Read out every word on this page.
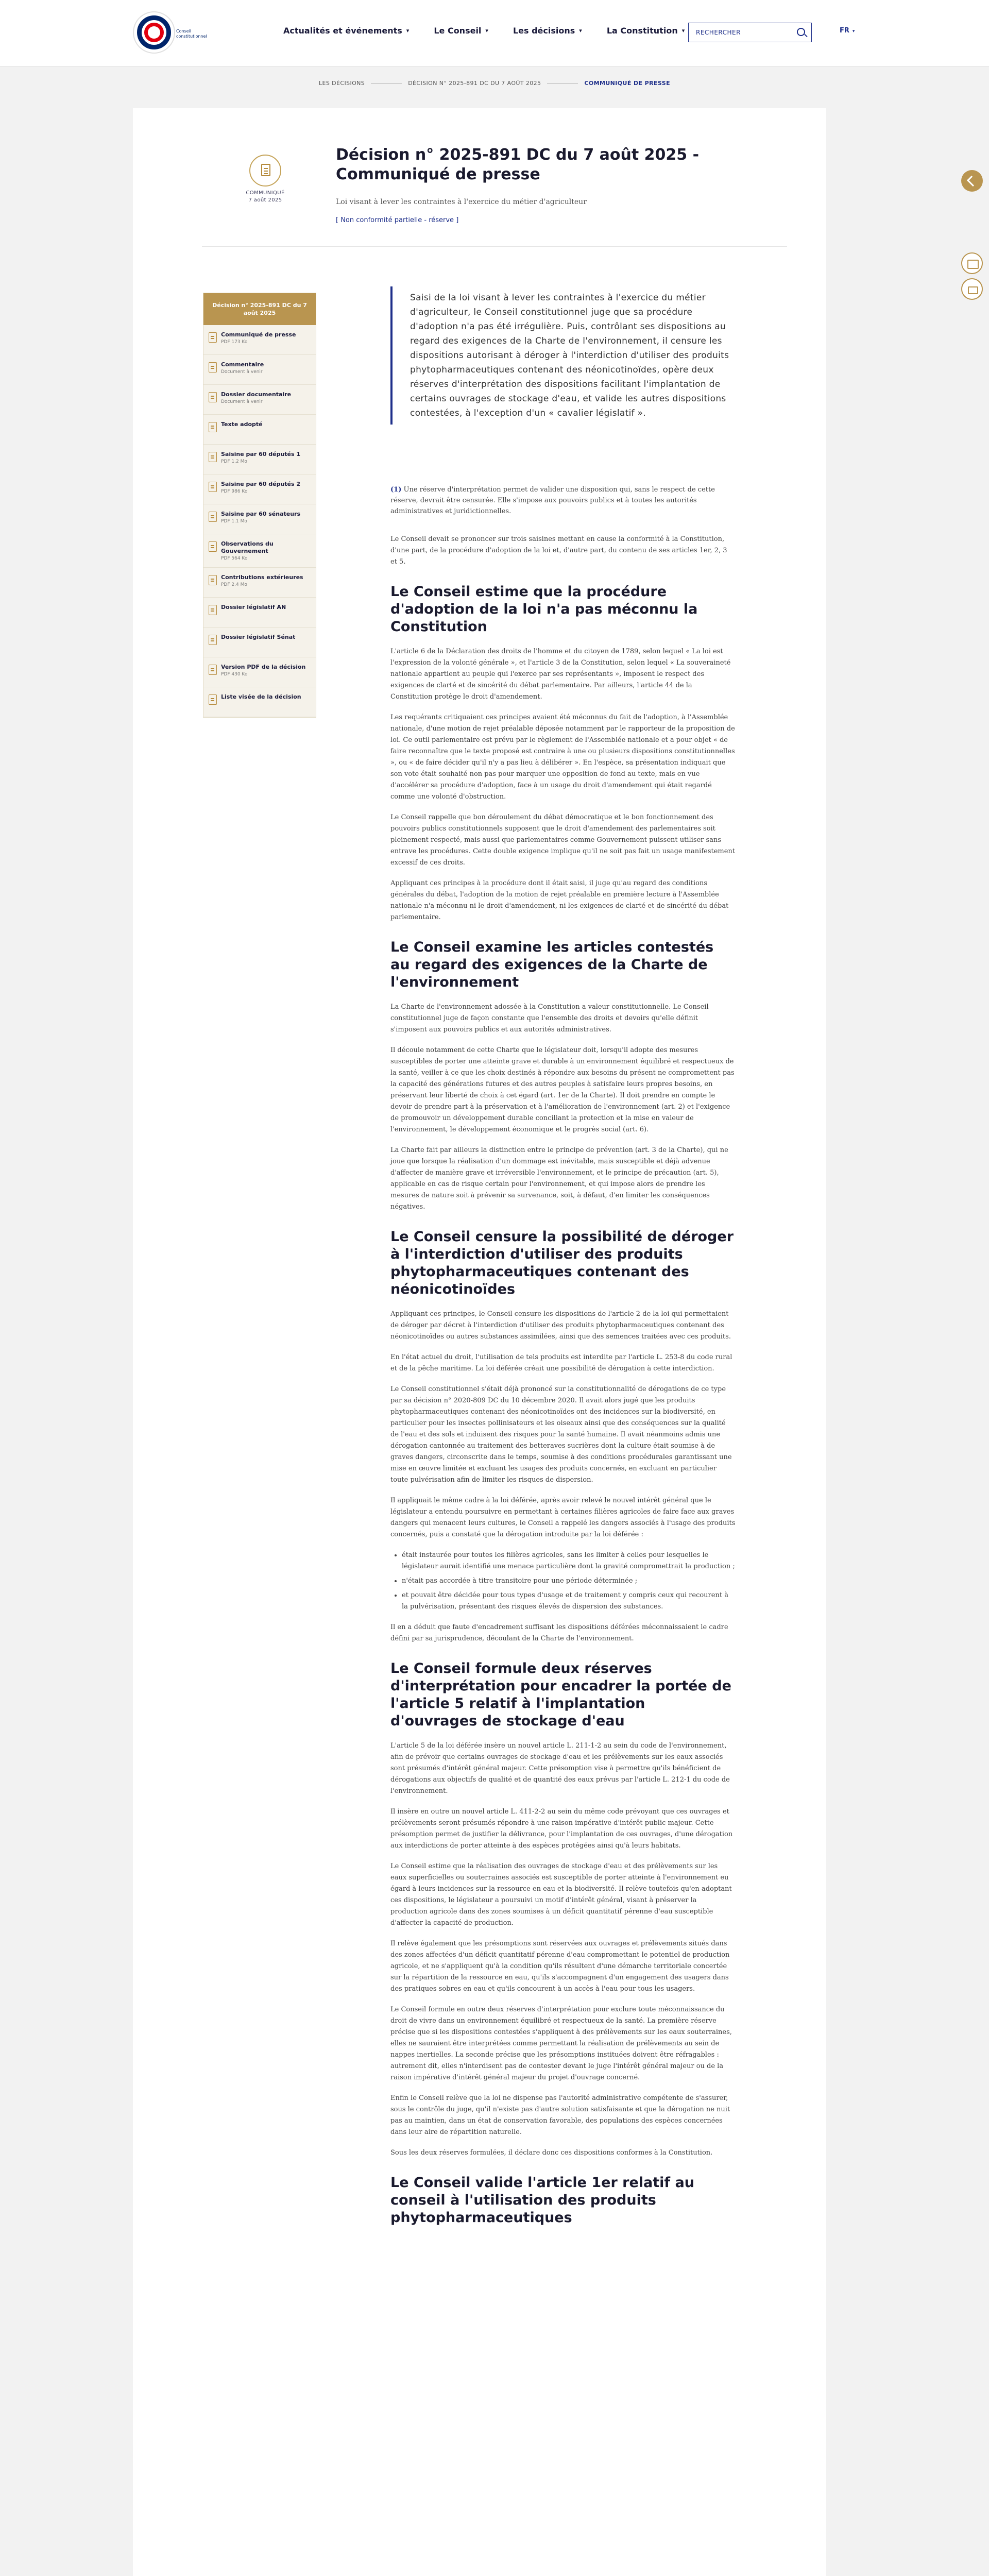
Conseil
constitutionnel
Actualités et événements ▾	Le Conseil ▾	Les décisions ▾	La Constitution ▾ RECHERCHER	FR ▾
LES DÉCISIONS	DÉCISION N° 2025-891 DC DU 7 AOÛT 2025	COMMUNIQUÉ DE PRESSE
COMMUNIQUÉ
7 août 2025
Décision n° 2025-891 DC du 7 août 2025 - Communiqué de presse
Loi visant à lever les contraintes à l'exercice du métier d'agriculteur
[ Non conformité partielle - réserve ]
Décision n° 2025-891 DC du 7 août 2025
Communiqué de presse
PDF 173 Ko
Commentaire
Document à venir
Dossier documentaire
Document à venir
Texte adopté
Saisine par 60 députés 1
PDF 1.2 Mo
Saisine par 60 députés 2
PDF 986 Ko
Saisine par 60 sénateurs
PDF 1.1 Mo
Observations du Gouvernement
PDF 564 Ko
Contributions extérieures
PDF 2.4 Mo
Dossier législatif AN
Dossier législatif Sénat
Version PDF de la décision
PDF 430 Ko
Liste visée de la décision
Saisi de la loi visant à lever les contraintes à l'exercice du métier d'agriculteur, le Conseil constitutionnel juge que sa procédure d'adoption n'a pas été irrégulière. Puis, contrôlant ses dispositions au regard des exigences de la Charte de l'environnement, il censure les dispositions autorisant à déroger à l'interdiction d'utiliser des produits phytopharmaceutiques contenant des néonicotinoïdes, opère deux réserves d'interprétation des dispositions facilitant l'implantation de certains ouvrages de stockage d'eau, et valide les autres dispositions contestées, à l'exception d'un « cavalier législatif ».
(1) Une réserve d'interprétation permet de valider une disposition qui, sans le respect de cette réserve, devrait être censurée. Elle s'impose aux pouvoirs publics et à toutes les autorités administratives et juridictionnelles.

Le Conseil devait se prononcer sur trois saisines mettant en cause la conformité à la Constitution, d'une part, de la procédure d'adoption de la loi et, d'autre part, du contenu de ses articles 1er, 2, 3 et 5.

Le Conseil estime que la procédure d'adoption de la loi n'a pas méconnu la Constitution

L'article 6 de la Déclaration des droits de l'homme et du citoyen de 1789, selon lequel « La loi est l'expression de la volonté générale », et l'article 3 de la Constitution, selon lequel « La souveraineté nationale appartient au peuple qui l'exerce par ses représentants », imposent le respect des exigences de clarté et de sincérité du débat parlementaire. Par ailleurs, l'article 44 de la Constitution protège le droit d'amendement.

Les requérants critiquaient ces principes avaient été méconnus du fait de l'adoption, à l'Assemblée nationale, d'une motion de rejet préalable déposée notamment par le rapporteur de la proposition de loi. Ce outil parlementaire est prévu par le règlement de l'Assemblée nationale et a pour objet « de faire reconnaître que le texte proposé est contraire à une ou plusieurs dispositions constitutionnelles », ou « de faire décider qu'il n'y a pas lieu à délibérer ». En l'espèce, sa présentation indiquait que son vote était souhaité non pas pour marquer une opposition de fond au texte, mais en vue d'accélérer sa procédure d'adoption, face à un usage du droit d'amendement qui était regardé comme une volonté d'obstruction.

Le Conseil rappelle que bon déroulement du débat démocratique et le bon fonctionnement des pouvoirs publics constitutionnels supposent que le droit d'amendement des parlementaires soit pleinement respecté, mais aussi que parlementaires comme Gouvernement puissent utiliser sans entrave les procédures. Cette double exigence implique qu'il ne soit pas fait un usage manifestement excessif de ces droits.

Appliquant ces principes à la procédure dont il était saisi, il juge qu'au regard des conditions générales du débat, l'adoption de la motion de rejet préalable en première lecture à l'Assemblée nationale n'a méconnu ni le droit d'amendement, ni les exigences de clarté et de sincérité du débat parlementaire.

Le Conseil examine les articles contestés au regard des exigences de la Charte de l'environnement

La Charte de l'environnement adossée à la Constitution a valeur constitutionnelle. Le Conseil constitutionnel juge de façon constante que l'ensemble des droits et devoirs qu'elle définit s'imposent aux pouvoirs publics et aux autorités administratives.

Il découle notamment de cette Charte que le législateur doit, lorsqu'il adopte des mesures susceptibles de porter une atteinte grave et durable à un environnement équilibré et respectueux de la santé, veiller à ce que les choix destinés à répondre aux besoins du présent ne compromettent pas la capacité des générations futures et des autres peuples à satisfaire leurs propres besoins, en préservant leur liberté de choix à cet égard (art. 1er de la Charte). Il doit prendre en compte le devoir de prendre part à la préservation et à l'amélioration de l'environnement (art. 2) et l'exigence de promouvoir un développement durable conciliant la protection et la mise en valeur de l'environnement, le développement économique et le progrès social (art. 6).

La Charte fait par ailleurs la distinction entre le principe de prévention (art. 3 de la Charte), qui ne joue que lorsque la réalisation d'un dommage est inévitable, mais susceptible et déjà advenue d'affecter de manière grave et irréversible l'environnement, et le principe de précaution (art. 5), applicable en cas de risque certain pour l'environnement, et qui impose alors de prendre les mesures de nature soit à prévenir sa survenance, soit, à défaut, d'en limiter les conséquences négatives.

Le Conseil censure la possibilité de déroger à l'interdiction d'utiliser des produits phytopharmaceutiques contenant des néonicotinoïdes

Appliquant ces principes, le Conseil censure les dispositions de l'article 2 de la loi qui permettaient de déroger par décret à l'interdiction d'utiliser des produits phytopharmaceutiques contenant des néonicotinoïdes ou autres substances assimilées, ainsi que des semences traitées avec ces produits.

En l'état actuel du droit, l'utilisation de tels produits est interdite par l'article L. 253-8 du code rural et de la pêche maritime. La loi déférée créait une possibilité de dérogation à cette interdiction.

Le Conseil constitutionnel s'était déjà prononcé sur la constitutionnalité de dérogations de ce type par sa décision n° 2020-809 DC du 10 décembre 2020. Il avait alors jugé que les produits phytopharmaceutiques contenant des néonicotinoïdes ont des incidences sur la biodiversité, en particulier pour les insectes pollinisateurs et les oiseaux ainsi que des conséquences sur la qualité de l'eau et des sols et induisent des risques pour la santé humaine. Il avait néanmoins admis une dérogation cantonnée au traitement des betteraves sucrières dont la culture était soumise à de graves dangers, circonscrite dans le temps, soumise à des conditions procédurales garantissant une mise en œuvre limitée et excluant les usages des produits concernés, en excluant en particulier toute pulvérisation afin de limiter les risques de dispersion.

Il appliquait le même cadre à la loi déférée, après avoir relevé le nouvel intérêt général que le législateur a entendu poursuivre en permettant à certaines filières agricoles de faire face aux graves dangers qui menacent leurs cultures, le Conseil a rappelé les dangers associés à l'usage des produits concernés, puis a constaté que la dérogation introduite par la loi déférée :

• était instaurée pour toutes les filières agricoles, sans les limiter à celles pour lesquelles le législateur aurait identifié une menace particulière dont la gravité compromettrait la production ;
• n'était pas accordée à titre transitoire pour une période déterminée ;
• et pouvait être décidée pour tous types d'usage et de traitement y compris ceux qui recourent à la pulvérisation, présentant des risques élevés de dispersion des substances.

Il en a déduit que faute d'encadrement suffisant les dispositions déférées méconnaissaient le cadre défini par sa jurisprudence, découlant de la Charte de l'environnement.

Le Conseil formule deux réserves d'interprétation pour encadrer la portée de l'article 5 relatif à l'implantation d'ouvrages de stockage d'eau

L'article 5 de la loi déférée insère un nouvel article L. 211-1-2 au sein du code de l'environnement, afin de prévoir que certains ouvrages de stockage d'eau et les prélèvements sur les eaux associés sont présumés d'intérêt général majeur. Cette présomption vise à permettre qu'ils bénéficient de dérogations aux objectifs de qualité et de quantité des eaux prévus par l'article L. 212-1 du code de l'environnement.

Il insère en outre un nouvel article L. 411-2-2 au sein du même code prévoyant que ces ouvrages et prélèvements seront présumés répondre à une raison impérative d'intérêt public majeur. Cette présomption permet de justifier la délivrance, pour l'implantation de ces ouvrages, d'une dérogation aux interdictions de porter atteinte à des espèces protégées ainsi qu'à leurs habitats.

Le Conseil estime que la réalisation des ouvrages de stockage d'eau et des prélèvements sur les eaux superficielles ou souterraines associés est susceptible de porter atteinte à l'environnement eu égard à leurs incidences sur la ressource en eau et la biodiversité. Il relève toutefois qu'en adoptant ces dispositions, le législateur a poursuivi un motif d'intérêt général, visant à préserver la production agricole dans des zones soumises à un déficit quantitatif pérenne d'eau susceptible d'affecter la capacité de production.

Il relève également que les présomptions sont réservées aux ouvrages et prélèvements situés dans des zones affectées d'un déficit quantitatif pérenne d'eau compromettant le potentiel de production agricole, et ne s'appliquent qu'à la condition qu'ils résultent d'une démarche territoriale concertée sur la répartition de la ressource en eau, qu'ils s'accompagnent d'un engagement des usagers dans des pratiques sobres en eau et qu'ils concourent à un accès à l'eau pour tous les usagers.

Le Conseil formule en outre deux réserves d'interprétation pour exclure toute méconnaissance du droit de vivre dans un environnement équilibré et respectueux de la santé. La première réserve précise que si les dispositions contestées s'appliquent à des prélèvements sur les eaux souterraines, elles ne sauraient être interprétées comme permettant la réalisation de prélèvements au sein de nappes inertielles. La seconde précise que les présomptions instituées doivent être réfragables : autrement dit, elles n'interdisent pas de contester devant le juge l'intérêt général majeur ou de la raison impérative d'intérêt général majeur du projet d'ouvrage concerné.

Enfin le Conseil relève que la loi ne dispense pas l'autorité administrative compétente de s'assurer, sous le contrôle du juge, qu'il n'existe pas d'autre solution satisfaisante et que la dérogation ne nuit pas au maintien, dans un état de conservation favorable, des populations des espèces concernées dans leur aire de répartition naturelle.

Sous les deux réserves formulées, il déclare donc ces dispositions conformes à la Constitution.

Le Conseil valide l'article 1er relatif au conseil à l'utilisation des produits phytopharmaceutiques
